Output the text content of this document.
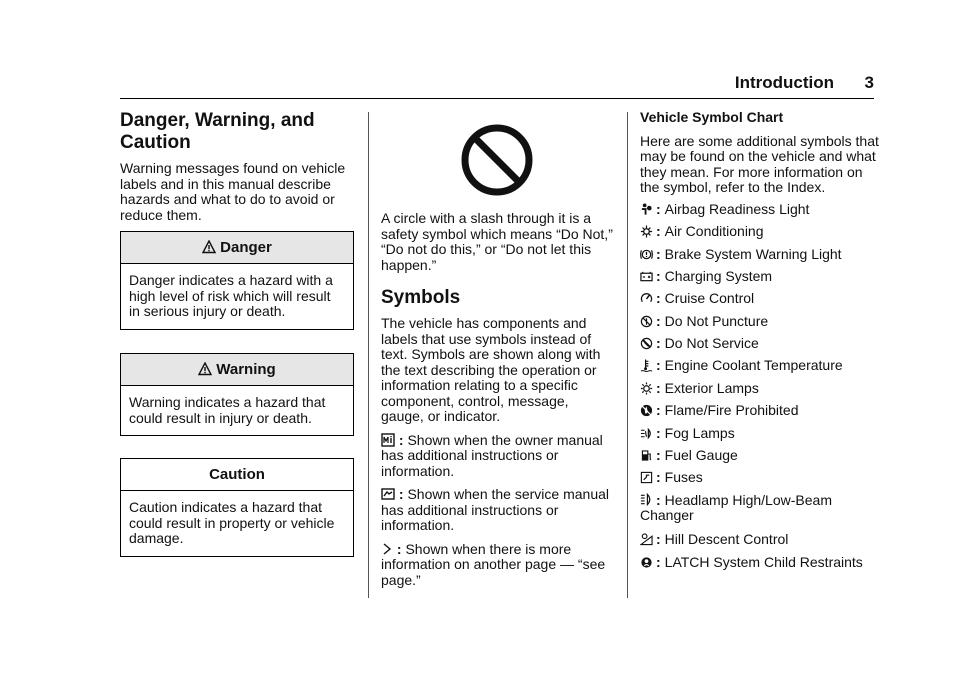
Introduction 3
Danger, Warning, and
Caution

Warning messages found on vehicle labels and in this manual describe hazards and what to do to avoid or reduce them.

Danger
Danger indicates a hazard with a high level of risk which will result in serious injury or death.
Warning
Warning indicates a hazard that could result in injury or death.
Caution
Caution indicates a hazard that could result in property or vehicle damage.

A circle with a slash through it is a safety symbol which means “Do Not,” “Do not do this,” or “Do not let this happen.”

Symbols

The vehicle has components and labels that use symbols instead of text. Symbols are shown along with the text describing the operation or information relating to a specific component, control, message, gauge, or indicator.

: Shown when the owner manual has additional instructions or information.

: Shown when the service manual has additional instructions or information.

: Shown when there is more information on another page — “see page.”

Vehicle Symbol Chart

Here are some additional symbols that may be found on the vehicle and what they mean. For more information on the symbol, refer to the Index.

: Airbag Readiness Light
: Air Conditioning
: Brake System Warning Light
: Charging System
: Cruise Control
: Do Not Puncture
: Do Not Service
: Engine Coolant Temperature
: Exterior Lamps
: Flame/Fire Prohibited
: Fog Lamps
: Fuel Gauge
: Fuses
: Headlamp High/Low-Beam Changer
: Hill Descent Control
: LATCH System Child Restraints
